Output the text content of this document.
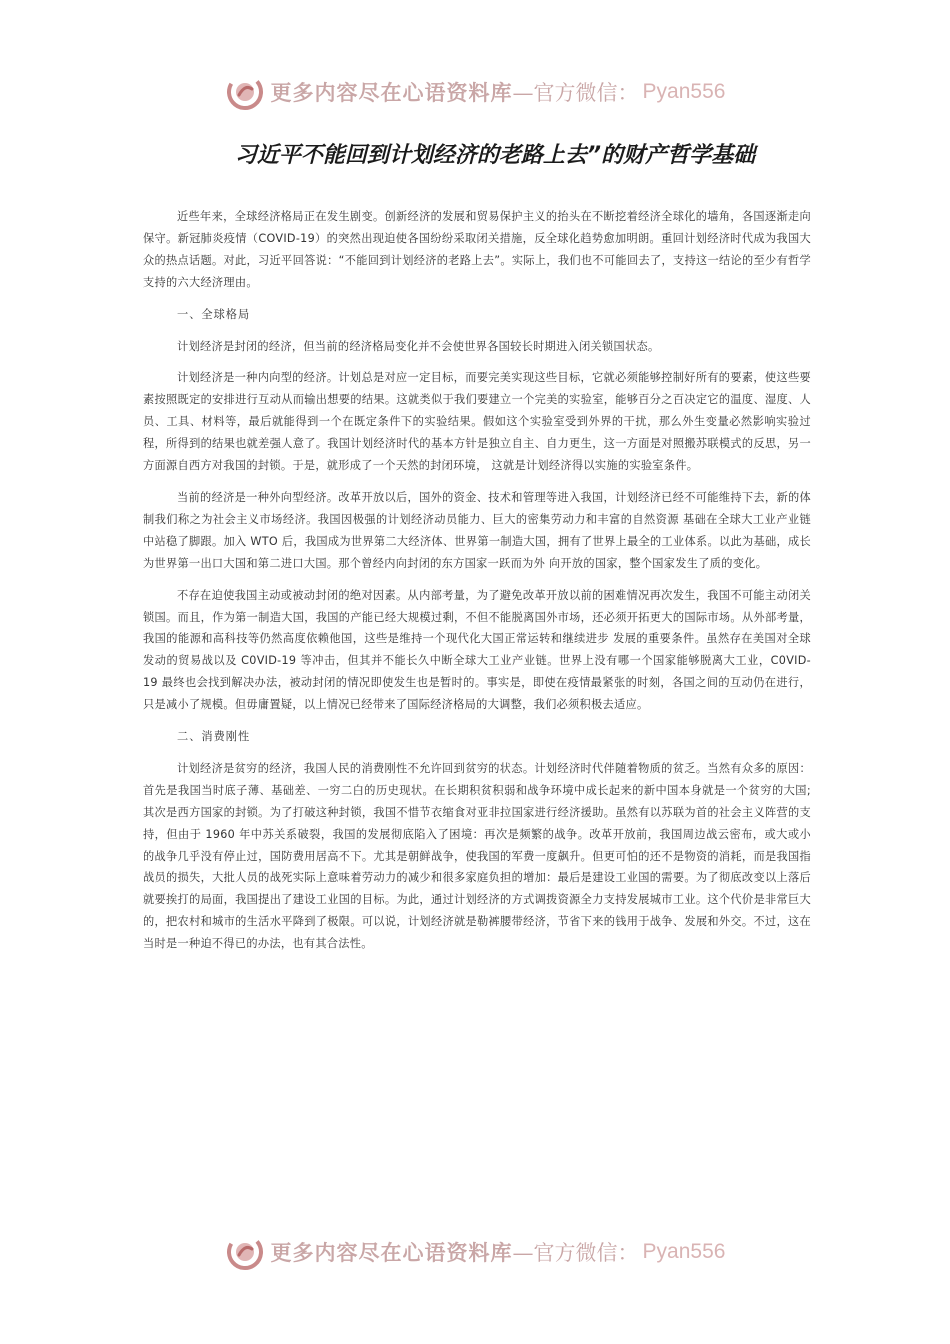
更多内容尽在心语资料库 —官方微信： Pyan556
习近平不能回到计划经济的老路上去”的财产哲学基础

近些年来，全球经济格局正在发生剧变。创新经济的发展和贸易保护主义的抬头在不断挖着经济全球化的墙角，各国逐渐走向保守。新冠肺炎疫情（COVID-19）的突然出现迫使各国纷纷采取闭关措施，反全球化趋势愈加明朗。重回计划经济时代成为我国大众的热点话题。对此，习近平回答说：“不能回到计划经济的老路上去”。实际上，我们也不可能回去了，支持这一结论的至少有哲学支持的六大经济理由。

一、全球格局

计划经济是封闭的经济，但当前的经济格局变化并不会使世界各国较长时期进入闭关锁国状态。

计划经济是一种内向型的经济。计划总是对应一定目标，而要完美实现这些目标，它就必须能够控制好所有的要素，使这些要素按照既定的安排进行互动从而输出想要的结果。这就类似于我们要建立一个完美的实验室，能够百分之百决定它的温度、湿度、人员、工具、材料等，最后就能得到一个在既定条件下的实验结果。假如这个实验室受到外界的干扰，那么外生变量必然影响实验过程，所得到的结果也就差强人意了。我国计划经济时代的基本方针是独立自主、自力更生，这一方面是对照搬苏联模式的反思，另一方面源自西方对我国的封锁。于是，就形成了一个天然的封闭环境， 这就是计划经济得以实施的实验室条件。

当前的经济是一种外向型经济。改革开放以后，国外的资金、技术和管理等进入我国，计划经济已经不可能维持下去，新的体制我们称之为社会主义市场经济。我国因极强的计划经济动员能力、巨大的密集劳动力和丰富的自然资源 基础在全球大工业产业链中站稳了脚跟。加入 WTO 后，我国成为世界第二大经济体、世界第一制造大国，拥有了世界上最全的工业体系。以此为基础，成长为世界第一出口大国和第二进口大国。那个曾经内向封闭的东方国家一跃而为外 向开放的国家，整个国家发生了质的变化。

不存在迫使我国主动或被动封闭的绝对因素。从内部考量，为了避免改革开放以前的困难情况再次发生，我国不可能主动闭关锁国。而且，作为第一制造大国，我国的产能已经大规模过剩，不但不能脱离国外市场，还必须开拓更大的国际市场。从外部考量，我国的能源和高科技等仍然高度依赖他国，这些是维持一个现代化大国正常运转和继续进步 发展的重要条件。虽然存在美国对全球发动的贸易战以及 C0VID-19 等冲击，但其并不能长久中断全球大工业产业链。世界上没有哪一个国家能够脱离大工业，C0VID-19 最终也会找到解决办法，被动封闭的情况即使发生也是暂时的。事实是，即使在疫情最紧张的时刻，各国之间的互动仍在进行，只是减小了规模。但毋庸置疑，以上情况已经带来了国际经济格局的大调整，我们必须积极去适应。

二、消费刚性

计划经济是贫穷的经济，我国人民的消费刚性不允许回到贫穷的状态。计划经济时代伴随着物质的贫乏。当然有众多的原因：首先是我国当时底子薄、基础差、一穷二白的历史现状。在长期积贫积弱和战争环境中成长起来的新中国本身就是一个贫穷的大国;其次是西方国家的封锁。为了打破这种封锁，我国不惜节衣缩食对亚非拉国家进行经济援助。虽然有以苏联为首的社会主义阵营的支持，但由于 1960 年中苏关系破裂，我国的发展彻底陷入了困境：再次是频繁的战争。改革开放前，我国周边战云密布，或大或小的战争几乎没有停止过，国防费用居高不下。尤其是朝鲜战争，使我国的军费一度飙升。但更可怕的还不是物资的消耗，而是我国指战员的损失，大批人员的战死实际上意味着劳动力的减少和很多家庭负担的增加：最后是建设工业国的需要。为了彻底改变以上落后就要挨打的局面，我国提出了建设工业国的目标。为此，通过计划经济的方式调拨资源全力支持发展城市工业。这个代价是非常巨大的，把农村和城市的生活水平降到了极限。可以说，计划经济就是勒裤腰带经济，节省下来的钱用于战争、发展和外交。不过，这在当时是一种迫不得已的办法，也有其合法性。

更多内容尽在心语资料库 —官方微信： Pyan556
